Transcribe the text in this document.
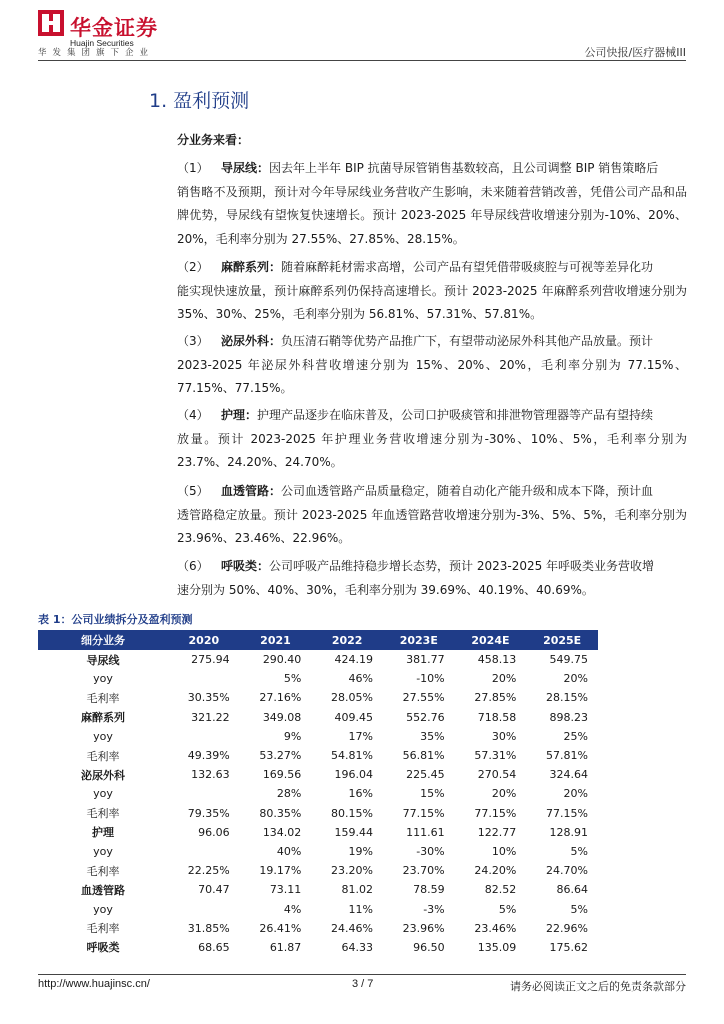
华金证券
Huajin Securities
华发集团旗下企业	公司快报/医疗器械III
1. 盈利预测
分业务来看：
（1）	导尿线：因去年上半年 BIP 抗菌导尿管销售基数较高，且公司调整 BIP 销售策略后
销售略不及预期，预计对今年导尿线业务营收产生影响，未来随着营销改善，凭借公司产品和品牌优势，导尿线有望恢复快速增长。预计 2023-2025 年导尿线营收增速分别为-10%、20%、20%，毛利率分别为 27.55%、27.85%、28.15%。
（2）	麻醉系列：随着麻醉耗材需求高增，公司产品有望凭借带吸痰腔与可视等差异化功
能实现快速放量，预计麻醉系列仍保持高速增长。预计 2023-2025 年麻醉系列营收增速分别为 35%、30%、25%，毛利率分别为 56.81%、57.31%、57.81%。
（3）	泌尿外科：负压清石鞘等优势产品推广下，有望带动泌尿外科其他产品放量。预计
2023-2025 年泌尿外科营收增速分别为 15%、20%、20%，毛利率分别为 77.15%、77.15%、77.15%。
（4）	护理：护理产品逐步在临床普及，公司口护吸痰管和排泄物管理器等产品有望持续
放量。预计 2023-2025 年护理业务营收增速分别为-30%、10%、5%，毛利率分别为 23.7%、24.20%、24.70%。
（5）	血透管路：公司血透管路产品质量稳定，随着自动化产能升级和成本下降，预计血
透管路稳定放量。预计 2023-2025 年血透管路营收增速分别为-3%、5%、5%，毛利率分别为 23.96%、23.46%、22.96%。
（6）	呼吸类：公司呼吸产品维持稳步增长态势，预计 2023-2025 年呼吸类业务营收增
速分别为 50%、40%、30%，毛利率分别为 39.69%、40.19%、40.69%。
表 1：公司业绩拆分及盈利预测
细分业务	2020	2021	2022	2023E	2024E	2025E
导尿线	275.94	290.40	424.19	381.77	458.13	549.75
yoy		5%	46%	-10%	20%	20%
毛利率	30.35%	27.16%	28.05%	27.55%	27.85%	28.15%
麻醉系列	321.22	349.08	409.45	552.76	718.58	898.23
yoy		9%	17%	35%	30%	25%
毛利率	49.39%	53.27%	54.81%	56.81%	57.31%	57.81%
泌尿外科	132.63	169.56	196.04	225.45	270.54	324.64
yoy		28%	16%	15%	20%	20%
毛利率	79.35%	80.35%	80.15%	77.15%	77.15%	77.15%
护理	96.06	134.02	159.44	111.61	122.77	128.91
yoy		40%	19%	-30%	10%	5%
毛利率	22.25%	19.17%	23.20%	23.70%	24.20%	24.70%
血透管路	70.47	73.11	81.02	78.59	82.52	86.64
yoy		4%	11%	-3%	5%	5%
毛利率	31.85%	26.41%	24.46%	23.96%	23.46%	22.96%
呼吸类	68.65	61.87	64.33	96.50	135.09	175.62
http://www.huajinsc.cn/	3 / 7	请务必阅读正文之后的免责条款部分
